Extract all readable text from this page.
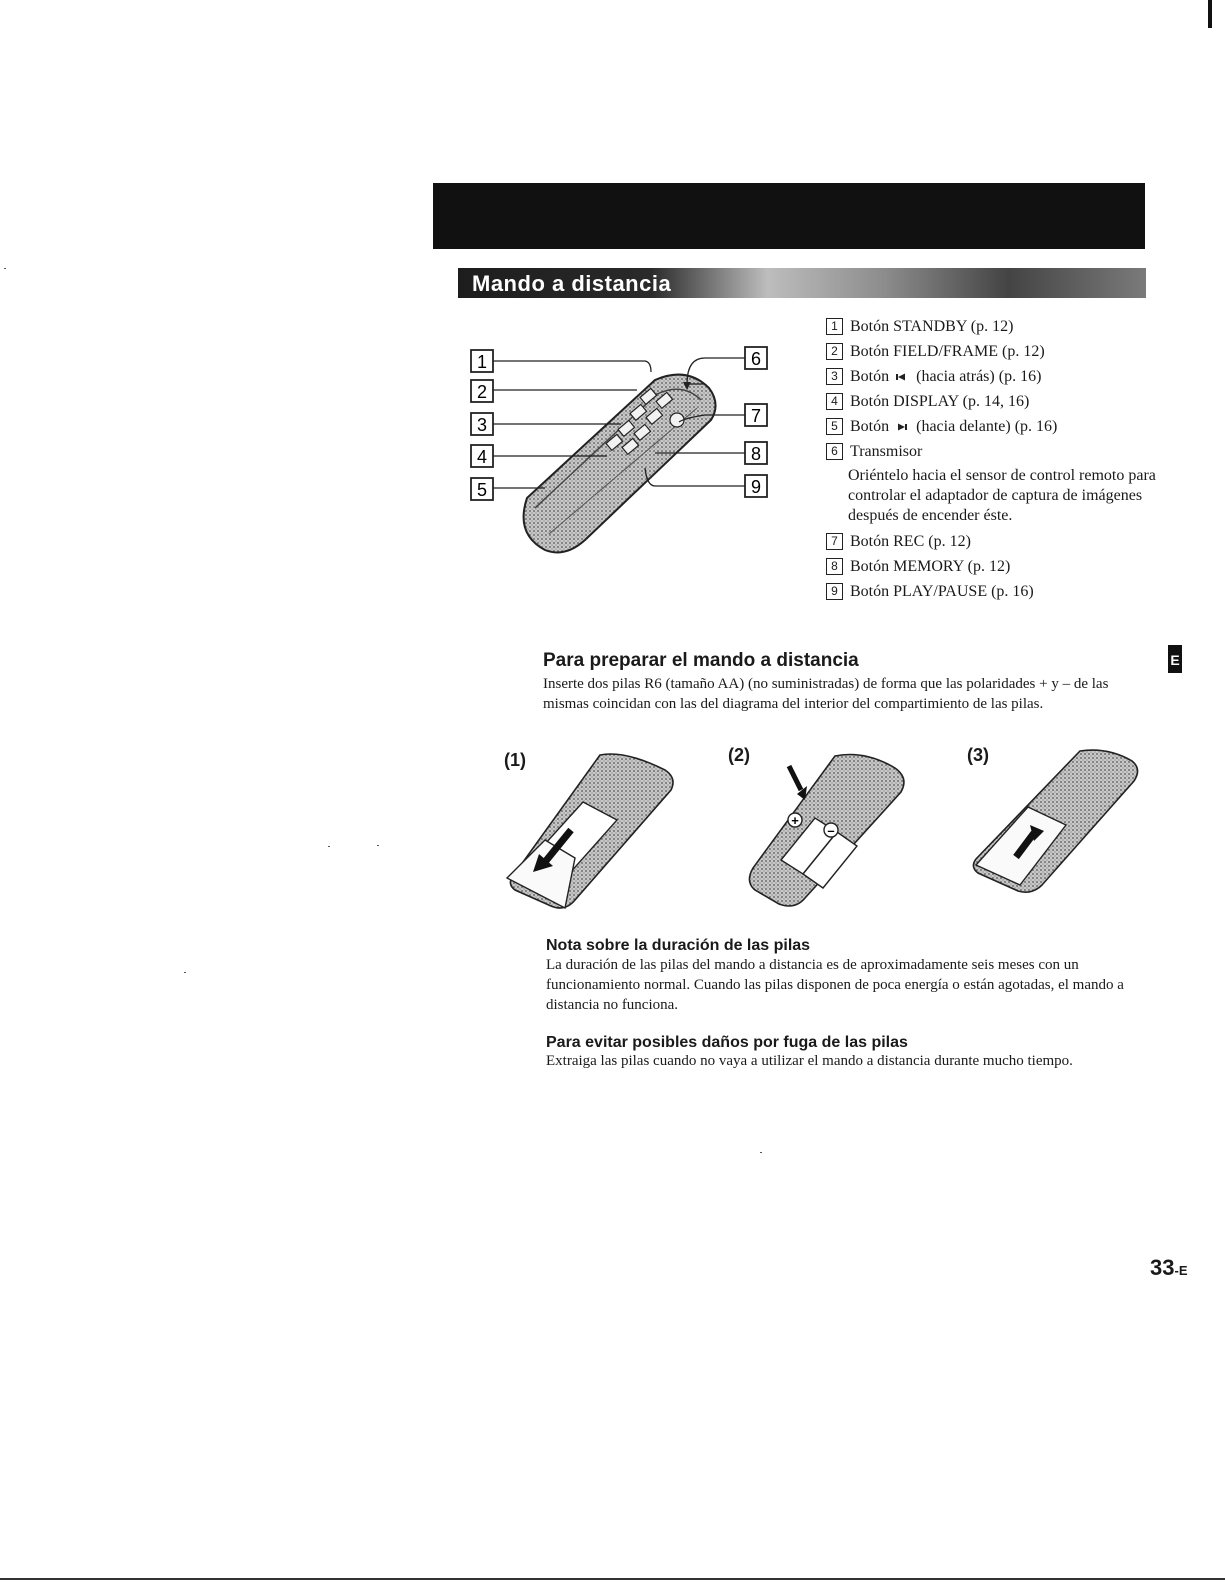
Mando a distancia
1
2
3
4
5
6
7
8
9
1 Botón STANDBY (p. 12)
2 Botón FIELD/FRAME (p. 12)
3 Botón (hacia atrás) (p. 16)
4 Botón DISPLAY (p. 14, 16)
5 Botón (hacia delante) (p. 16)
6 Transmisor
Oriéntelo hacia el sensor de control remoto para controlar el adaptador de captura de imágenes después de encender éste.
7 Botón REC (p. 12)
8 Botón MEMORY (p. 12)
9 Botón PLAY/PAUSE (p. 16)
E
Para preparar el mando a distancia
Inserte dos pilas R6 (tamaño AA) (no suministradas) de forma que las polaridades + y – de las mismas coincidan con las del diagrama del interior del compartimiento de las pilas.
(1)	(2)	(3)
+
–
Nota sobre la duración de las pilas
La duración de las pilas del mando a distancia es de aproximadamente seis meses con un funcionamiento normal. Cuando las pilas disponen de poca energía o están agotadas, el mando a distancia no funciona.
Para evitar posibles daños por fuga de las pilas
Extraiga las pilas cuando no vaya a utilizar el mando a distancia durante mucho tiempo.
33-E
